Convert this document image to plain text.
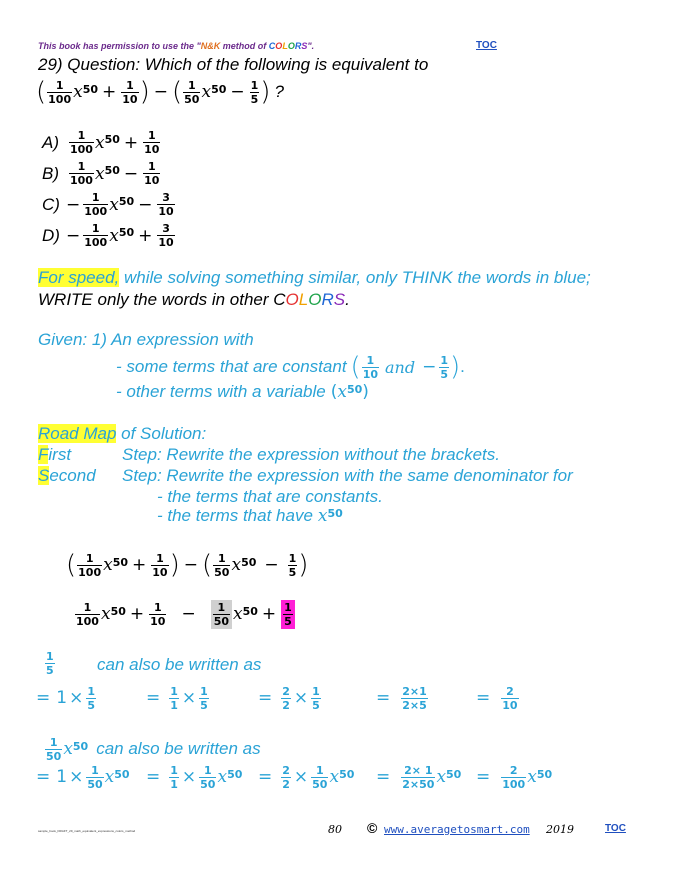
This book has permission to use the "N&K method of COLORS".	TOC
29) Question: Which of the following is equivalent to
( $\frac{1}{100}$ x $50 + \frac{1}{10}$ ) − ( $\frac{1}{50}$ x $50 - \frac{1}{5}$ ) ?
$A) \frac{1}{100}$ x $50 + \frac{1}{10}$
$B) \frac{1}{100}$ x $50 - \frac{1}{10}$
$C) - \frac{1}{100}$ x $50 - \frac{3}{10}$
$D) - \frac{1}{100}$ x $50 + \frac{3}{10}$
For speed, while solving something similar, only THINK the words in blue;
WRITE only the words in other COLORS.
Given: 1) An expression with
- some terms that are constant ( $\frac{1}{10}$ and − $\frac{1}{5}$ ) .
- other terms with a variable ( x 50 )
Road Map of Solution:
First	Step: Rewrite the expression without the brackets.
Second Step: Rewrite the expression with the same denominator for
- the terms that are constants.
- the terms that have x 50
( $\frac{1}{100}$ x $50 + \frac{1}{10}$ ) − ( $\frac{1}{50}$ x $50 - \frac{1}{5}$ )
$\frac{1}{100}$ x $50 + \frac{1}{10} - \frac{1}{50}$ x $50 + \frac{1}{5}$
$\frac{1}{5}$ can also be written as
= $1 \times \frac{1}{5}$	= $\frac{1}{1} \times \frac{1}{5}$	= $\frac{2}{2} \times \frac{1}{5}$	= $\frac{2\times 1}{2\times 5}$	= $\frac{2}{10}$
$\frac{1}{50}$ x 50 can also be written as
= $1 \times \frac{1}{50}$ x $50 = \frac{1}{1} \times \frac{1}{50}$ x $50 = \frac{2}{2} \times \frac{1}{50}$ x $50 = \frac{2\times 1}{2\times 50}$ x $50 = \frac{2}{100}$ x 50
sample_book_DRAFT_29_math_equivalent_expressions_colors_method	80 © www.averagetosmart.com 2019	TOC
